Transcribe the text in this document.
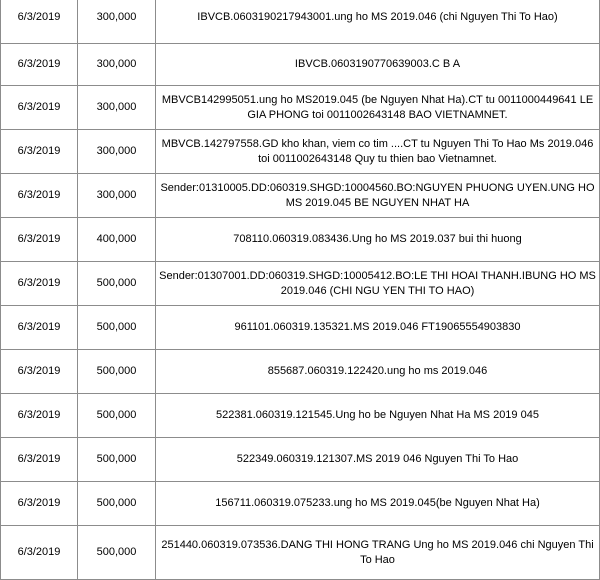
6/3/2019	300,000	IBVCB.0603190217943001.ung ho MS 2019.046 (chi Nguyen Thi To Hao)
6/3/2019	300,000	IBVCB.0603190770639003.C B A
6/3/2019	300,000	MBVCB142995051.ung ho MS2019.045 (be Nguyen Nhat Ha).CT tu 0011000449641 LE GIA PHONG toi 0011002643148 BAO VIETNAMNET.
6/3/2019	300,000	MBVCB.142797558.GD kho khan, viem co tim ....CT tu Nguyen Thi To Hao Ms 2019.046 toi 0011002643148 Quy tu thien bao Vietnamnet.
6/3/2019	300,000	Sender:01310005.DD:060319.SHGD:10004560.BO:NGUYEN PHUONG UYEN.UNG HO MS 2019.045 BE NGUYEN NHAT HA
6/3/2019	400,000	708110.060319.083436.Ung ho MS 2019.037 bui thi huong
6/3/2019	500,000	Sender:01307001.DD:060319.SHGD:10005412.BO:LE THI HOAI THANH.IBUNG HO MS 2019.046 (CHI NGU YEN THI TO HAO)
6/3/2019	500,000	961101.060319.135321.MS 2019.046 FT19065554903830
6/3/2019	500,000	855687.060319.122420.ung ho ms 2019.046
6/3/2019	500,000	522381.060319.121545.Ung ho be Nguyen Nhat Ha MS 2019 045
6/3/2019	500,000	522349.060319.121307.MS 2019 046 Nguyen Thi To Hao
6/3/2019	500,000	156711.060319.075233.ung ho MS 2019.045(be Nguyen Nhat Ha)
6/3/2019	500,000	251440.060319.073536.DANG THI HONG TRANG Ung ho MS 2019.046 chi Nguyen Thi To Hao
